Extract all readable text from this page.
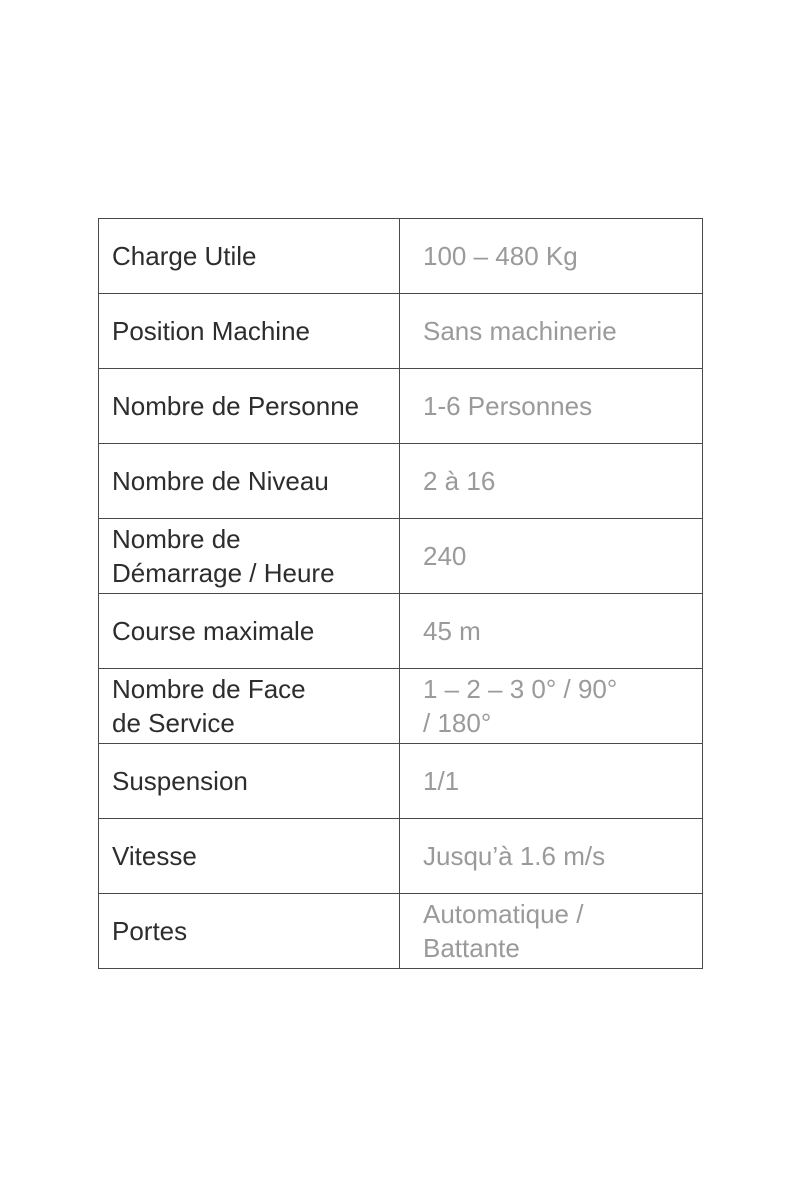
Charge Utile	100 – 480 Kg
Position Machine	Sans machinerie
Nombre de Personne	1-6 Personnes
Nombre de Niveau	2 à 16
Nombre de
Démarrage / Heure	240
Course maximale	45 m
Nombre de Face
de Service	1 – 2 – 3 0° / 90°
/ 180°
Suspension	1/1
Vitesse	Jusqu’à 1.6 m/s
Portes	Automatique /
Battante
